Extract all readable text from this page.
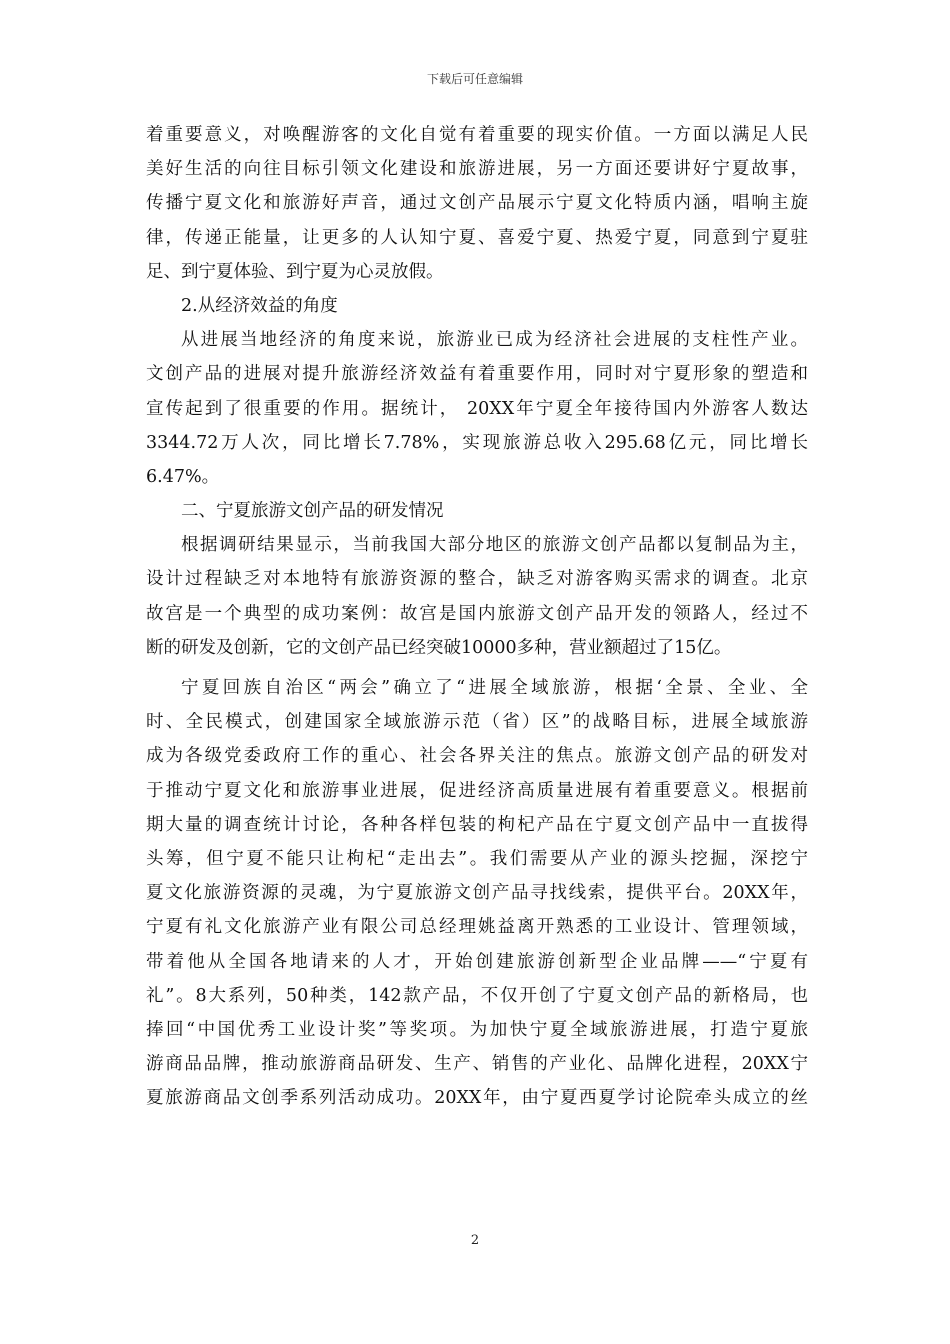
下载后可任意编辑
着重要意义，对唤醒游客的文化自觉有着重要的现实价值。一方面以满足人民
美好生活的向往目标引领文化建设和旅游进展，另一方面还要讲好宁夏故事，
传播宁夏文化和旅游好声音，通过文创产品展示宁夏文化特质内涵，唱响主旋
律，传递正能量，让更多的人认知宁夏、喜爱宁夏、热爱宁夏，同意到宁夏驻
足、到宁夏体验、到宁夏为心灵放假。
2.从经济效益的角度
从进展当地经济的角度来说，旅游业已成为经济社会进展的支柱性产业。
文创产品的进展对提升旅游经济效益有着重要作用，同时对宁夏形象的塑造和
宣传起到了很重要的作用。据统计， 20XX年宁夏全年接待国内外游客人数达
3344.72万人次，同比增长7.78%，实现旅游总收入295.68亿元，同比增长
6.47%。
二、宁夏旅游文创产品的研发情况
根据调研结果显示，当前我国大部分地区的旅游文创产品都以复制品为主，
设计过程缺乏对本地特有旅游资源的整合，缺乏对游客购买需求的调查。北京
故宫是一个典型的成功案例：故宫是国内旅游文创产品开发的领路人，经过不
断的研发及创新，它的文创产品已经突破10000多种，营业额超过了15亿。
宁夏回族自治区“两会”确立了“进展全域旅游，根据‘全景、全业、全
时、全民模式，创建国家全域旅游示范（省）区”的战略目标，进展全域旅游
成为各级党委政府工作的重心、社会各界关注的焦点。旅游文创产品的研发对
于推动宁夏文化和旅游事业进展，促进经济高质量进展有着重要意义。根据前
期大量的调查统计讨论，各种各样包装的枸杞产品在宁夏文创产品中一直拔得
头筹，但宁夏不能只让枸杞“走出去”。我们需要从产业的源头挖掘，深挖宁
夏文化旅游资源的灵魂，为宁夏旅游文创产品寻找线索，提供平台。20XX年，
宁夏有礼文化旅游产业有限公司总经理姚益离开熟悉的工业设计、管理领域，
带着他从全国各地请来的人才，开始创建旅游创新型企业品牌——“宁夏有
礼”。8大系列，50种类，142款产品，不仅开创了宁夏文创产品的新格局，也
捧回“中国优秀工业设计奖”等奖项。为加快宁夏全域旅游进展，打造宁夏旅
游商品品牌，推动旅游商品研发、生产、销售的产业化、品牌化进程，20XX宁
夏旅游商品文创季系列活动成功。20XX年，由宁夏西夏学讨论院牵头成立的丝
2
